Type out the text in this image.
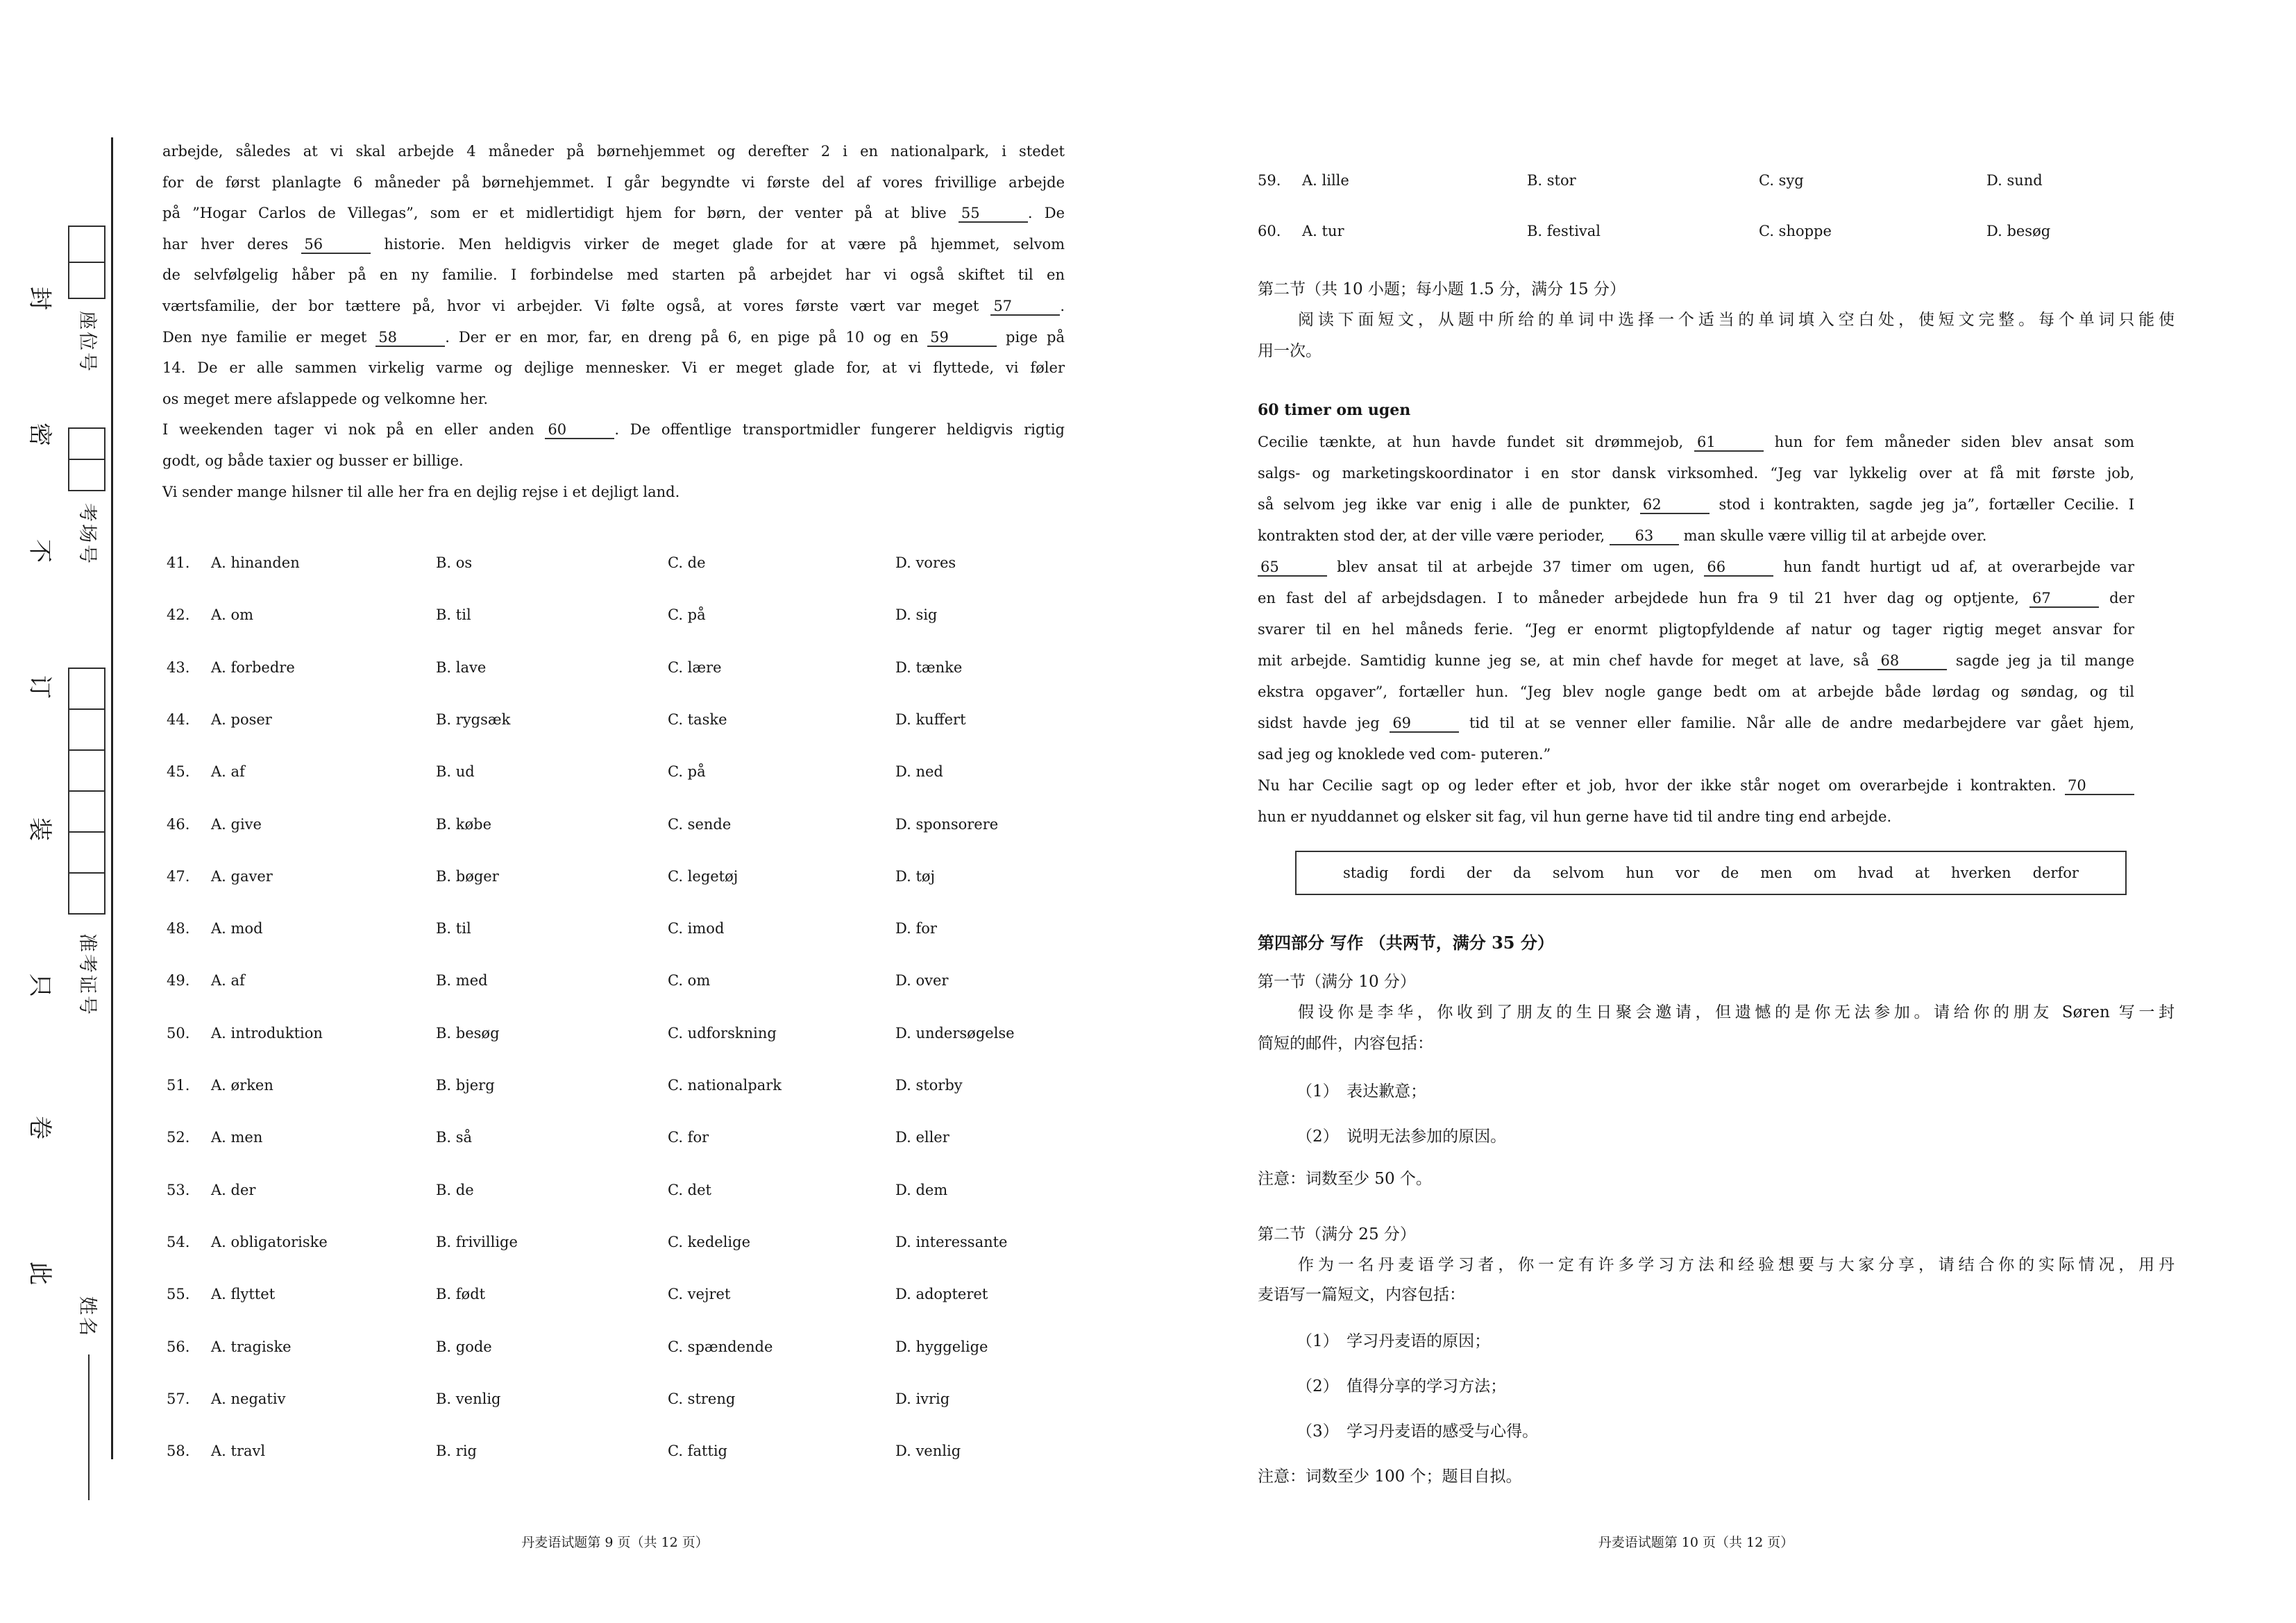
封
密
不
订
装
只
卷
此
座位号
考场号
准考证号
姓名
arbejde, således at vi skal arbejde 4 måneder på børnehjemmet og derefter 2 i en nationalpark, i stedet
for de først planlagte 6 måneder på børnehjemmet. I går begyndte vi første del af vores frivillige arbejde
på ”Hogar Carlos de Villegas”, som er et midlertidigt hjem for børn, der venter på at blive 55	. De
har hver deres 56	historie. Men heldigvis virker de meget glade for at være på hjemmet, selvom
de selvfølgelig håber på en ny familie. I forbindelse med starten på arbejdet har vi også skiftet til en
værtsfamilie, der bor tættere på, hvor vi arbejder. Vi følte også, at vores første vært var meget 57	.
Den nye familie er meget 58	. Der er en mor, far, en dreng på 6, en pige på 10 og en 59	pige på
14. De er alle sammen virkelig varme og dejlige mennesker. Vi er meget glade for, at vi flyttede, vi føler
os meget mere afslappede og velkomne her.
I weekenden tager vi nok på en eller anden 60	. De offentlige transportmidler fungerer heldigvis rigtig
godt, og både taxier og busser er billige.
Vi sender mange hilsner til alle her fra en dejlig rejse i et dejligt land.
41. A. hinanden	B. os	C. de	D. vores
42. A. om	B. til	C. på	D. sig
43. A. forbedre	B. lave	C. lære	D. tænke
44. A. poser	B. rygsæk	C. taske	D. kuffert
45. A. af	B. ud	C. på	D. ned
46. A. give	B. købe	C. sende	D. sponsorere
47. A. gaver	B. bøger	C. legetøj	D. tøj
48. A. mod	B. til	C. imod	D. for
49. A. af	B. med	C. om	D. over
50. A. introduktion	B. besøg	C. udforskning	D. undersøgelse
51. A. ørken	B. bjerg	C. nationalpark	D. storby
52. A. men	B. så	C. for	D. eller
53. A. der	B. de	C. det	D. dem
54. A. obligatoriske	B. frivillige	C. kedelige	D. interessante
55. A. flyttet	B. født	C. vejret	D. adopteret
56. A. tragiske	B. gode	C. spændende	D. hyggelige
57. A. negativ	B. venlig	C. streng	D. ivrig
58. A. travl	B. rig	C. fattig	D. venlig
丹麦语试题第 9 页（共 12 页）
59. A. lille	B. stor	C. syg	D. sund
60. A. tur	B. festival	C. shoppe	D. besøg
第二节（共 10 小题；每小题 1.5 分，满分 15 分）
阅读下面短文，从题中所给的单词中选择一个适当的单词填入空白处，使短文完整。每个单词只能使
用一次。
60 timer om ugen
Cecilie tænkte, at hun havde fundet sit drømmejob, 61	hun for fem måneder siden blev ansat som
salgs- og marketingskoordinator i en stor dansk virksomhed. “Jeg var lykkelig over at få mit første job,
så selvom jeg ikke var enig i alle de punkter, 62	stod i kontrakten, sagde jeg ja”, fortæller Cecilie. I
kontrakten stod der, at der ville være perioder, 63 man skulle være villig til at arbejde over.
65	blev ansat til at arbejde 37 timer om ugen, 66	hun fandt hurtigt ud af, at overarbejde var
en fast del af arbejdsdagen. I to måneder arbejdede hun fra 9 til 21 hver dag og optjente, 67	der
svarer til en hel måneds ferie. “Jeg er enormt pligtopfyldende af natur og tager rigtig meget ansvar for
mit arbejde. Samtidig kunne jeg se, at min chef havde for meget at lave, så 68	sagde jeg ja til mange
ekstra opgaver”, fortæller hun. “Jeg blev nogle gange bedt om at arbejde både lørdag og søndag, og til
sidst havde jeg 69	tid til at se venner eller familie. Når alle de andre medarbejdere var gået hjem,
sad jeg og knoklede ved com- puteren.”
Nu har Cecilie sagt op og leder efter et job, hvor der ikke står noget om overarbejde i kontrakten. 70
hun er nyuddannet og elsker sit fag, vil hun gerne have tid til andre ting end arbejde.
stadig fordi der da selvom hun vor de men om hvad at hverken derfor
第四部分 写作 （共两节，满分 35 分）
第一节（满分 10 分）
假设你是李华，你收到了朋友的生日聚会邀请，但遗憾的是你无法参加。请给你的朋友 Søren 写一封
简短的邮件，内容包括：
（1）　表达歉意；
（2）　说明无法参加的原因。
注意：词数至少 50 个。
第二节（满分 25 分）
作为一名丹麦语学习者，你一定有许多学习方法和经验想要与大家分享，请结合你的实际情况，用丹
麦语写一篇短文，内容包括：
（1）　学习丹麦语的原因；
（2）　值得分享的学习方法；
（3）　学习丹麦语的感受与心得。
注意：词数至少 100 个；题目自拟。
丹麦语试题第 10 页（共 12 页）
